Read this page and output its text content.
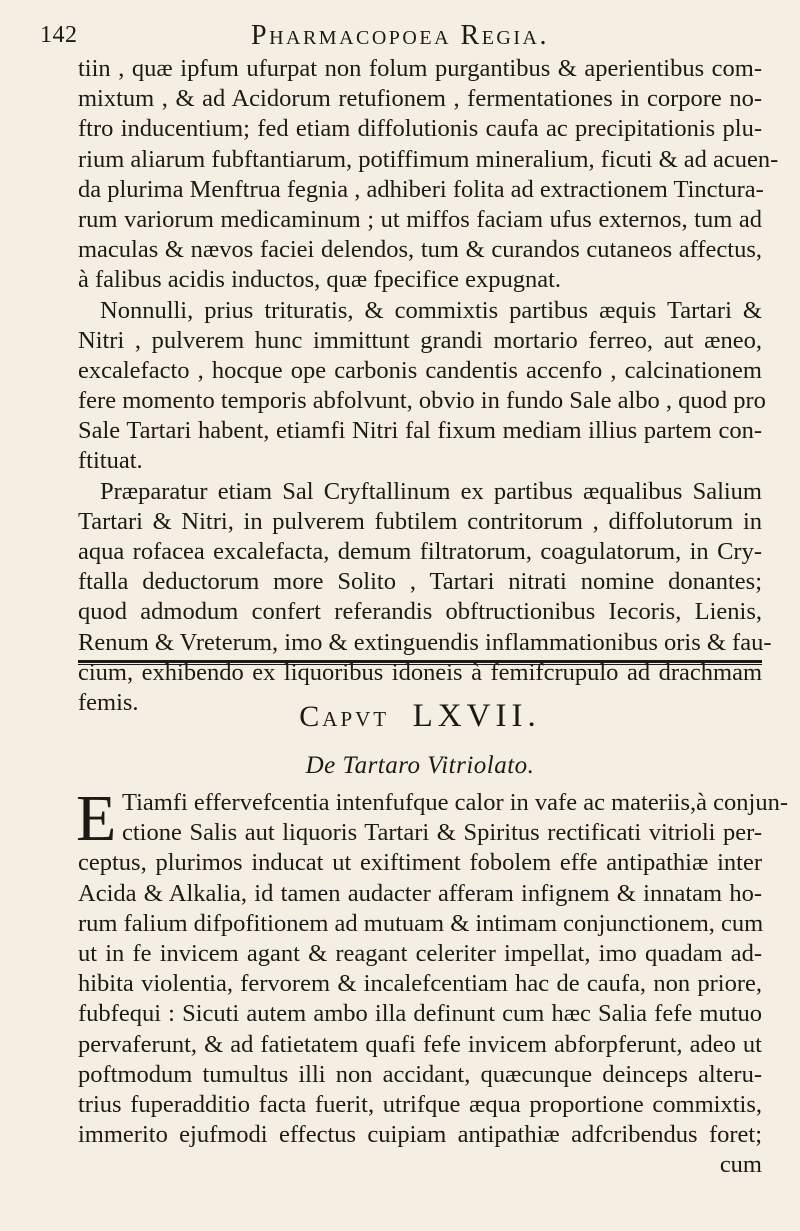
142	Pharmacopoea Regia.
tiin , quæ ipfum ufurpat non folum purgantibus & aperientibus com-
mixtum , & ad Acidorum retufionem , fermentationes in corpore no-
ftro inducentium; fed etiam diffolutionis caufa ac precipitationis plu-
rium aliarum fubftantiarum, potiffimum mineralium, ficuti & ad acuen-
da plurima Menftrua fegnia , adhiberi folita ad extractionem Tinctura-
rum variorum medicaminum ; ut miffos faciam ufus externos, tum ad
maculas & nævos faciei delendos, tum & curandos cutaneos affectus,
à falibus acidis inductos, quæ fpecifice expugnat.
Nonnulli, prius trituratis, & commixtis partibus æquis Tartari &
Nitri , pulverem hunc immittunt grandi mortario ferreo, aut æneo,
excalefacto , hocque ope carbonis candentis accenfo , calcinationem
fere momento temporis abfolvunt, obvio in fundo Sale albo , quod pro
Sale Tartari habent, etiamfi Nitri fal fixum mediam illius partem con-
ftituat.
Præparatur etiam Sal Cryftallinum ex partibus æqualibus Salium
Tartari & Nitri, in pulverem fubtilem contritorum , diffolutorum in
aqua rofacea excalefacta, demum filtratorum, coagulatorum, in Cry-
ftalla deductorum more Solito , Tartari nitrati nomine donantes;
quod admodum confert referandis obftructionibus Iecoris, Lienis,
Renum & Vreterum, imo & extinguendis inflammationibus oris & fau-
cium, exhibendo ex liquoribus idoneis à femifcrupulo ad drachmam
femis.	Capvt LXVII.
De Tartaro Vitriolato.
E Tiamfi effervefcentia intenfufque calor in vafe ac materiis,à conjun-
ctione Salis aut liquoris Tartari & Spiritus rectificati vitrioli per-
ceptus, plurimos inducat ut exiftiment fobolem effe antipathiæ inter
Acida & Alkalia, id tamen audacter afferam infignem & innatam ho-
rum falium difpofitionem ad mutuam & intimam conjunctionem, cum
ut in fe invicem agant & reagant celeriter impellat, imo quadam ad-
hibita violentia, fervorem & incalefcentiam hac de caufa, non priore,
fubfequi : Sicuti autem ambo illa definunt cum hæc Salia fefe mutuo
pervaferunt, & ad fatietatem quafi fefe invicem abforpferunt, adeo ut
poftmodum tumultus illi non accidant, quæcunque deinceps alteru-
trius fuperadditio facta fuerit, utrifque æqua proportione commixtis,
immerito ejufmodi effectus cuipiam antipathiæ adfcribendus foret;
cum
